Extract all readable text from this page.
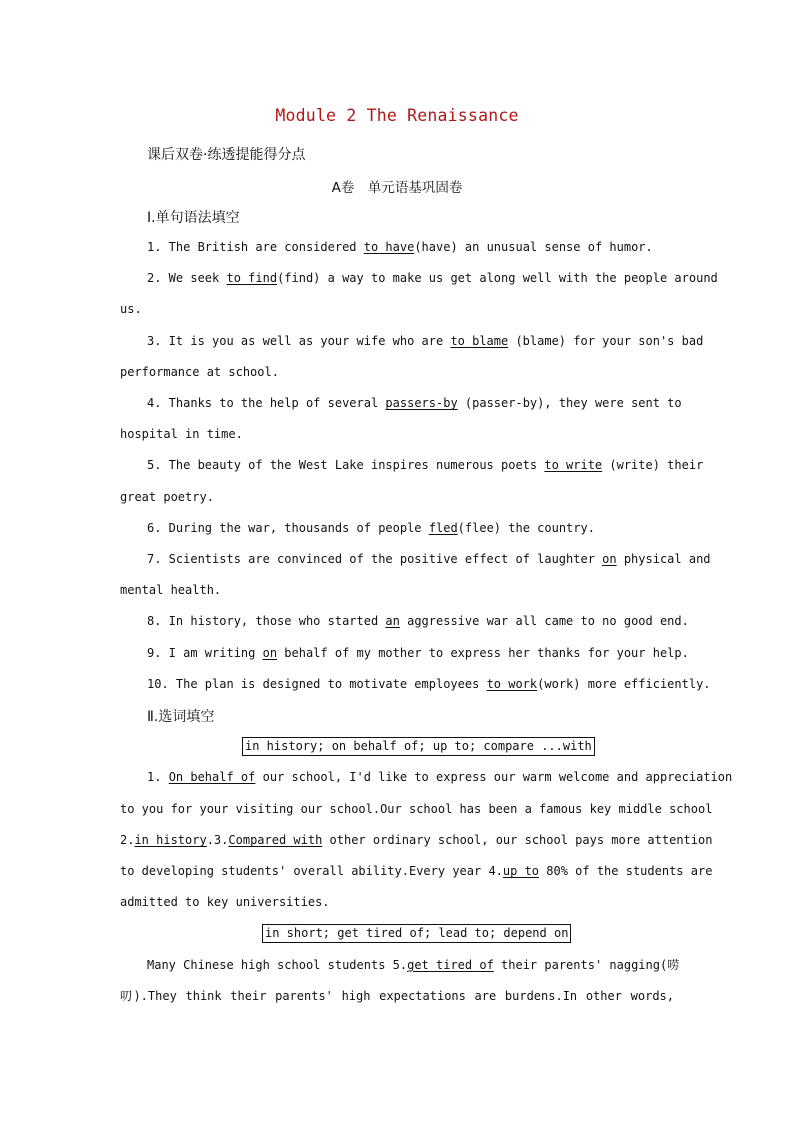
Module 2 The Renaissance
课后双卷·练透提能得分点
A卷　单元语基巩固卷
Ⅰ.单句语法填空
1. The British are considered to have(have) an unusual sense of humor.
2. We seek to find(find) a way to make us get along well with the people around
us.
3. It is you as well as your wife who are to blame (blame) for your son's bad
performance at school.
4. Thanks to the help of several passers-by (passer-by), they were sent to
hospital in time.
5. The beauty of the West Lake inspires numerous poets to write (write) their
great poetry.
6. During the war, thousands of people fled(flee) the country.
7. Scientists are convinced of the positive effect of laughter on physical and
mental health.
8. In history, those who started an aggressive war all came to no good end.
9. I am writing on behalf of my mother to express her thanks for your help.
10. The plan is designed to motivate employees to work(work) more efficiently.
Ⅱ.选词填空
in history; on behalf of; up to; compare ...with
1. On behalf of our school, I'd like to express our warm welcome and appreciation
to you for your visiting our school.Our school has been a famous key middle school
2.in history.3.Compared with other ordinary school, our school pays more attention
to developing students' overall ability.Every year 4.up to 80% of the students are
admitted to key universities.
in short; get tired of; lead to; depend on
Many Chinese high school students 5.get tired of their parents' nagging(唠
叨).They think their parents' high expectations are burdens.In other words,
